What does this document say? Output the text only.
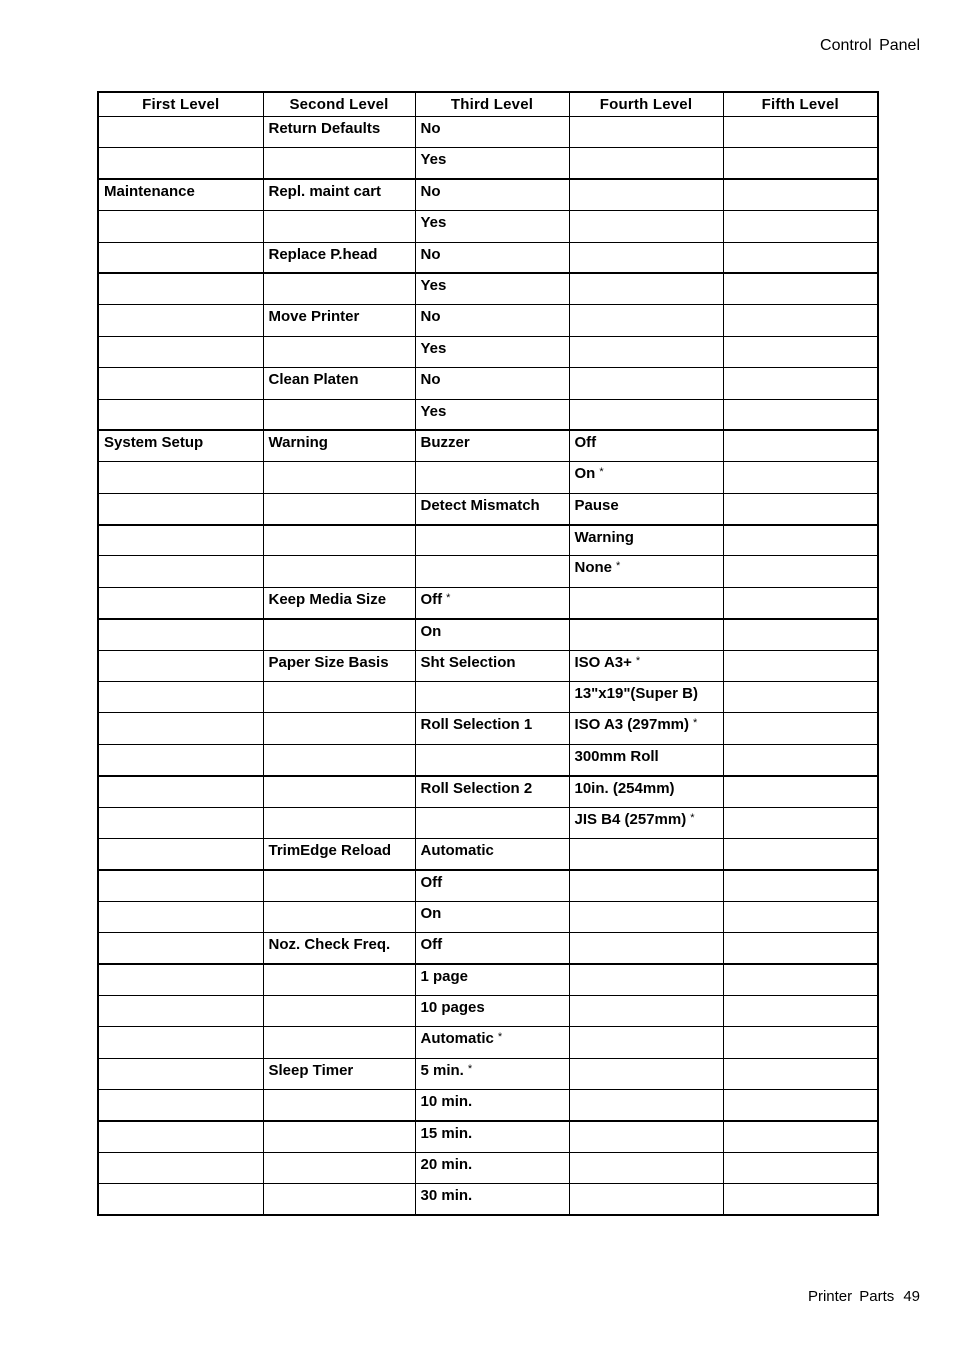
Control Panel
First Level	Second Level	Third Level	Fourth Level	Fifth Level
	Return Defaults	No		
		Yes		
Maintenance	Repl. maint cart	No		
		Yes		
	Replace P.head	No		
		Yes		
	Move Printer	No		
		Yes		
	Clean Platen	No		
		Yes		
System Setup	Warning	Buzzer	Off	
			On *	
		Detect Mismatch	Pause	
			Warning	
			None *	
	Keep Media Size	Off *		
		On		
	Paper Size Basis	Sht Selection	ISO A3+ *	
			13"x19"(Super B)	
		Roll Selection 1	ISO A3 (297mm) *	
			300mm Roll	
		Roll Selection 2	10in. (254mm)	
			JIS B4 (257mm) *	
	TrimEdge Reload	Automatic		
		Off		
		On		
	Noz. Check Freq.	Off		
		1 page		
		10 pages		
		Automatic *		
	Sleep Timer	5 min. *		
		10 min.		
		15 min.		
		20 min.		
		30 min.		
Printer Parts 49
